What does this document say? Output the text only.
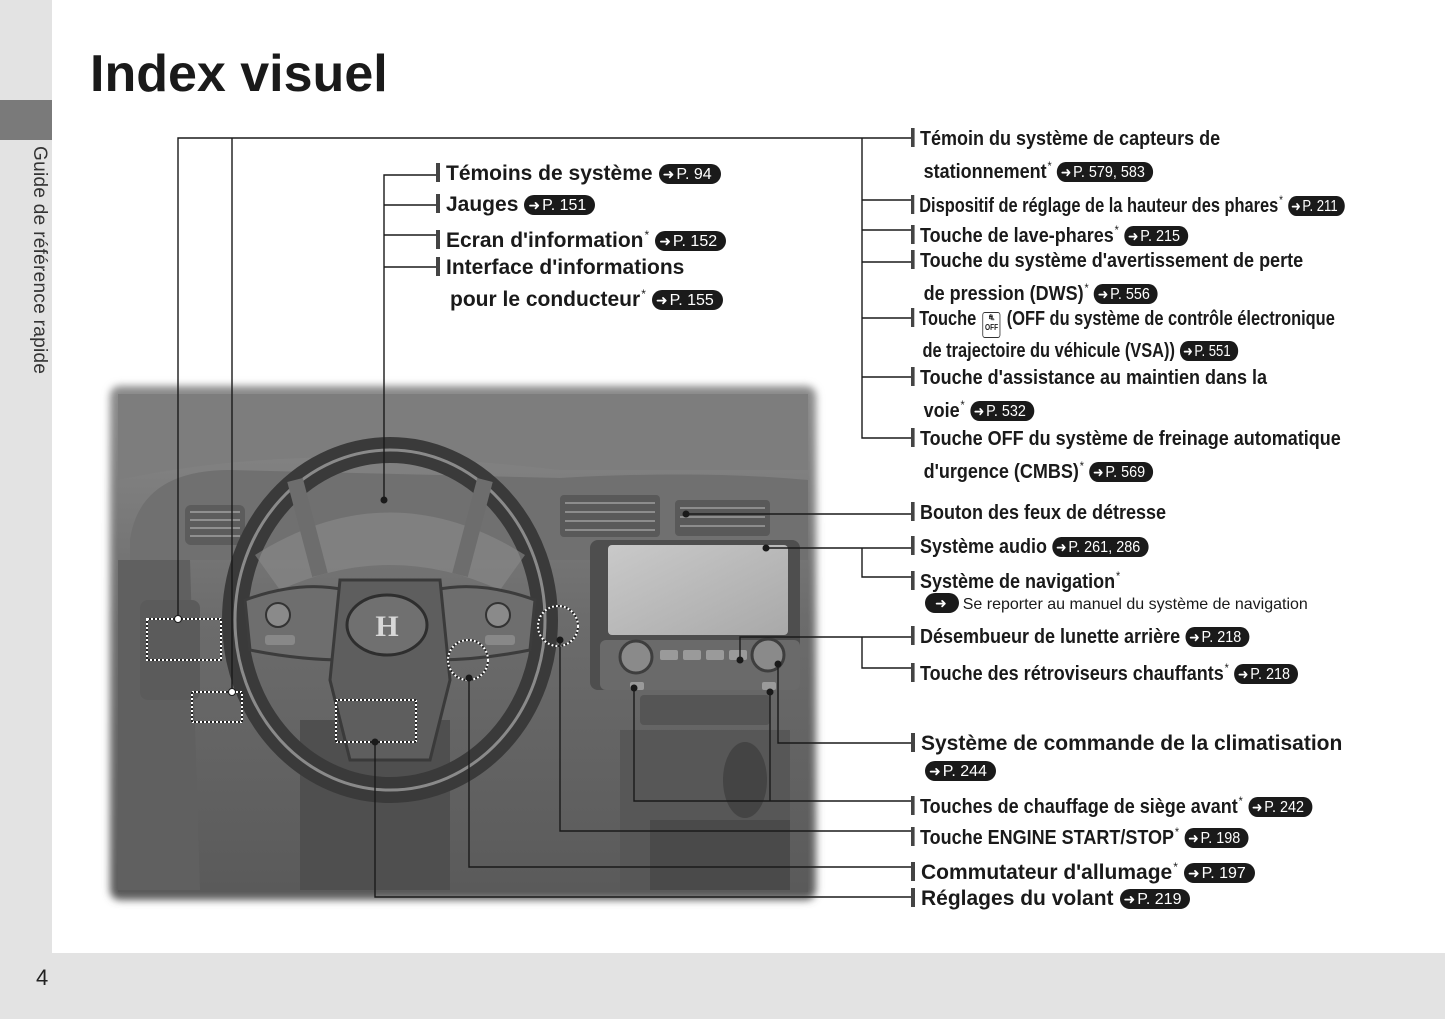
Guide de référence rapide
4
Index visuel
H
Témoins de système ➜ P. 94
Jauges ➜ P. 151
Ecran d'information* ➜ P. 152
Interface d'informations
pour le conducteur* ➜ P. 155
Témoin du système de capteurs de
stationnement* ➜ P. 579, 583
Dispositif de réglage de la hauteur des phares* ➜ P. 211
Touche de lave-phares* ➜ P. 215
Touche du système d'avertissement de perte
de pression (DWS)* ➜ P. 556
Touche ⛐
OFF (OFF du système de contrôle électronique
de trajectoire du véhicule (VSA)) ➜ P. 551
Touche d'assistance au maintien dans la
voie* ➜ P. 532
Touche OFF du système de freinage automatique
d'urgence (CMBS)* ➜ P. 569
Bouton des feux de détresse
Système audio ➜ P. 261, 286
Système de navigation*
➜ Se reporter au manuel du système de navigation
Désembueur de lunette arrière ➜ P. 218
Touche des rétroviseurs chauffants* ➜ P. 218
Système de commande de la climatisation
➜ P. 244
Touches de chauffage de siège avant* ➜ P. 242
Touche ENGINE START/STOP* ➜ P. 198
Commutateur d'allumage* ➜ P. 197
Réglages du volant ➜ P. 219
